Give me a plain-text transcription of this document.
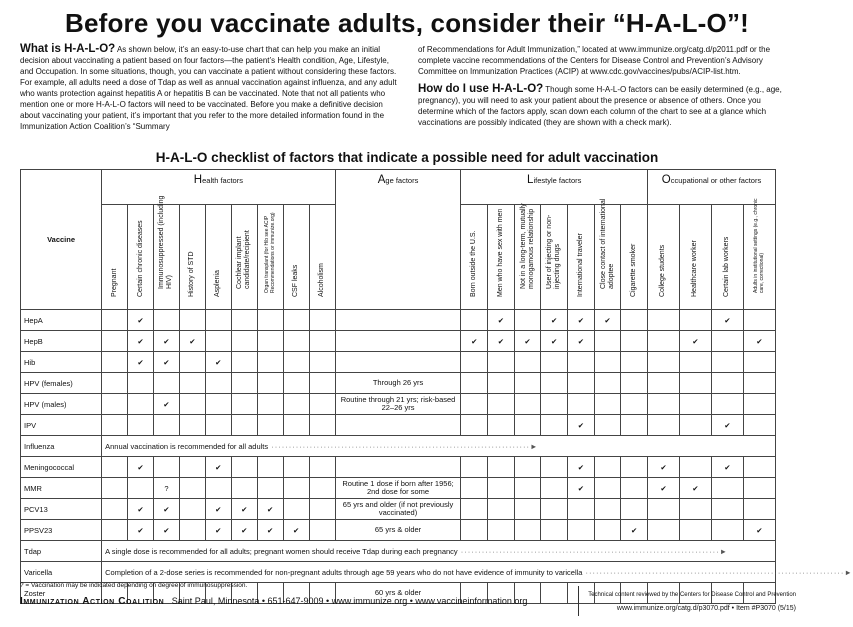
Before you vaccinate adults, consider their “H-A-L-O”!
What is H-A-L-O? As shown below, it’s an easy-to-use chart that can help you make an initial decision about vaccinating a patient based on four factors—the patient’s Health condition, Age, Lifestyle, and Occupation. In some situations, though, you can vaccinate a patient without considering these factors. For example, all adults need a dose of Tdap as well as annual vaccination against influenza, and any adult who wants protection against hepatitis A or hepatitis B can be vaccinated. Note that not all patients who mention one or more H-A-L-O factors will need to be vaccinated. Before you make a definitive decision about vaccinating your patient, it’s important that you refer to the more detailed information found in the Immunization Action Coalition’s “Summary
of Recommendations for Adult Immunization,” located at www.immunize.org/catg.d/p2011.pdf or the complete vaccine recommendations of the Centers for Disease Control and Prevention’s Advisory Committee on Immunization Practices (ACIP) at www.cdc.gov/vaccines/pubs/ACIP-list.htm.
How do I use H-A-L-O? Though some H-A-L-O factors can be easily determined (e.g., age, pregnancy), you will need to ask your patient about the presence or absence of others. Once you determine which of the factors apply, scan down each column of the chart to see at a glance which vaccinations are possibly indicated (they are shown with a check mark).
H-A-L-O checklist of factors that indicate a possible need for adult vaccination
Vaccine	Health factors									Age factors	Lifestyle factors							Occupational or other factors			

	Pregnant	Certain chronic diseases	Immunosuppressed (including HIV)	History of STD	Asplenia	Cochlear implant candidate/recipient	Organ transplant (for Hib see ACIP Recommendations or immunize.org)	CSF leaks	Alcoholism		Born outside the U.S.	Men who have sex with men	Not in a long-term, mutually monogamous relationship	User of injecting or non-injecting drugs	International traveler	Close contact of international adoptee	Cigarette smoker	College students	Healthcare worker	Certain lab workers	Adults in institutional settings (e.g., chronic care, correctional)

HepA		✔										✔		✔	✔	✔				✔	
HepB		✔	✔	✔							✔	✔	✔	✔	✔				✔		✔
Hib		✔	✔		✔																
HPV (females)										Through 26 yrs											
HPV (males)			✔							Routine through 21 yrs; risk-based 22–26 yrs											
IPV															✔					✔	
Influenza	Annual vaccination is recommended for all adults ··········································································►																				
Meningococcal		✔			✔										✔			✔		✔	
MMR			?							Routine 1 dose if born after 1956; 2nd dose for some					✔			✔	✔		
PCV13		✔	✔		✔	✔	✔			65 yrs and older (if not previously vaccinated)											
PPSV23		✔	✔		✔	✔	✔	✔		65 yrs & older							✔				✔
Tdap	A single dose is recommended for all adults; pregnant women should receive Tdap during each pregnancy ··········································································►																				
Varicella	Completion of a 2-dose series is recommended for non-pregnant adults through age 59 years who do not have evidence of immunity to varicella ··········································································►																				
Zoster										60 yrs & older											
? = Vaccination may be indicated depending on degree of immunosuppression.
Immunization Action Coalition Saint Paul, Minnesota • 651-647-9009 • www.immunize.org • www.vaccineinformation.org
Technical content reviewed by the Centers for Disease Control and Prevention
www.immunize.org/catg.d/p3070.pdf • Item #P3070 (5/15)
